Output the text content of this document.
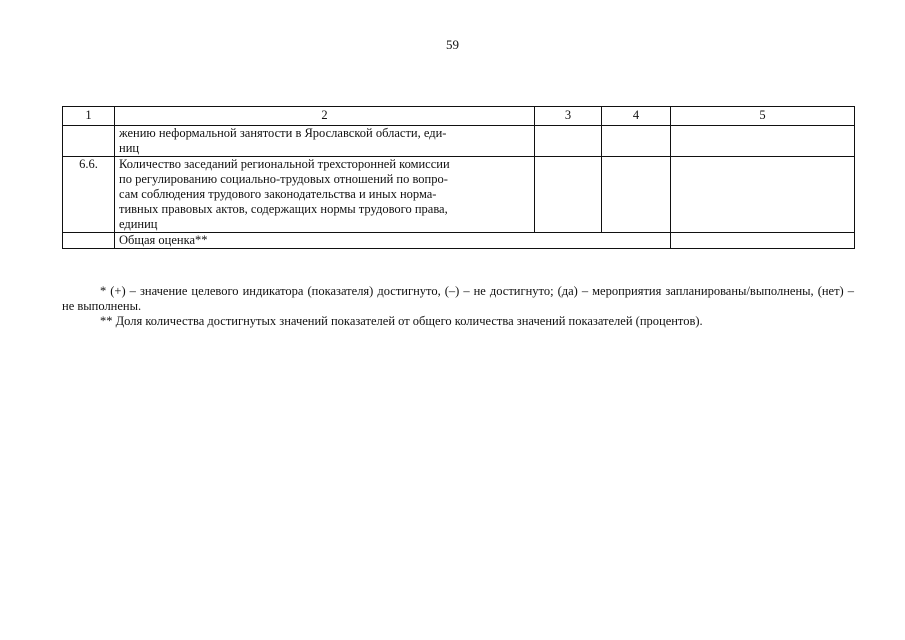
59
1	2	3	4	5

	жению неформальной занятости в Ярославской области, еди-
ниц			

6.6.	Количество заседаний региональной трехсторонней комиссии
по регулированию социально-трудовых отношений по вопро-
сам соблюдения трудового законодательства и иных норма-
тивных правовых актов, содержащих нормы трудового права,
единиц			

	Общая оценка**			

* (+) – значение целевого индикатора (показателя) достигнуто, (–) – не достигнуто; (да) – мероприятия запланированы/выполнены, (нет) – не выполнены.

** Доля количества достигнутых значений показателей от общего количества значений показателей (процентов).
